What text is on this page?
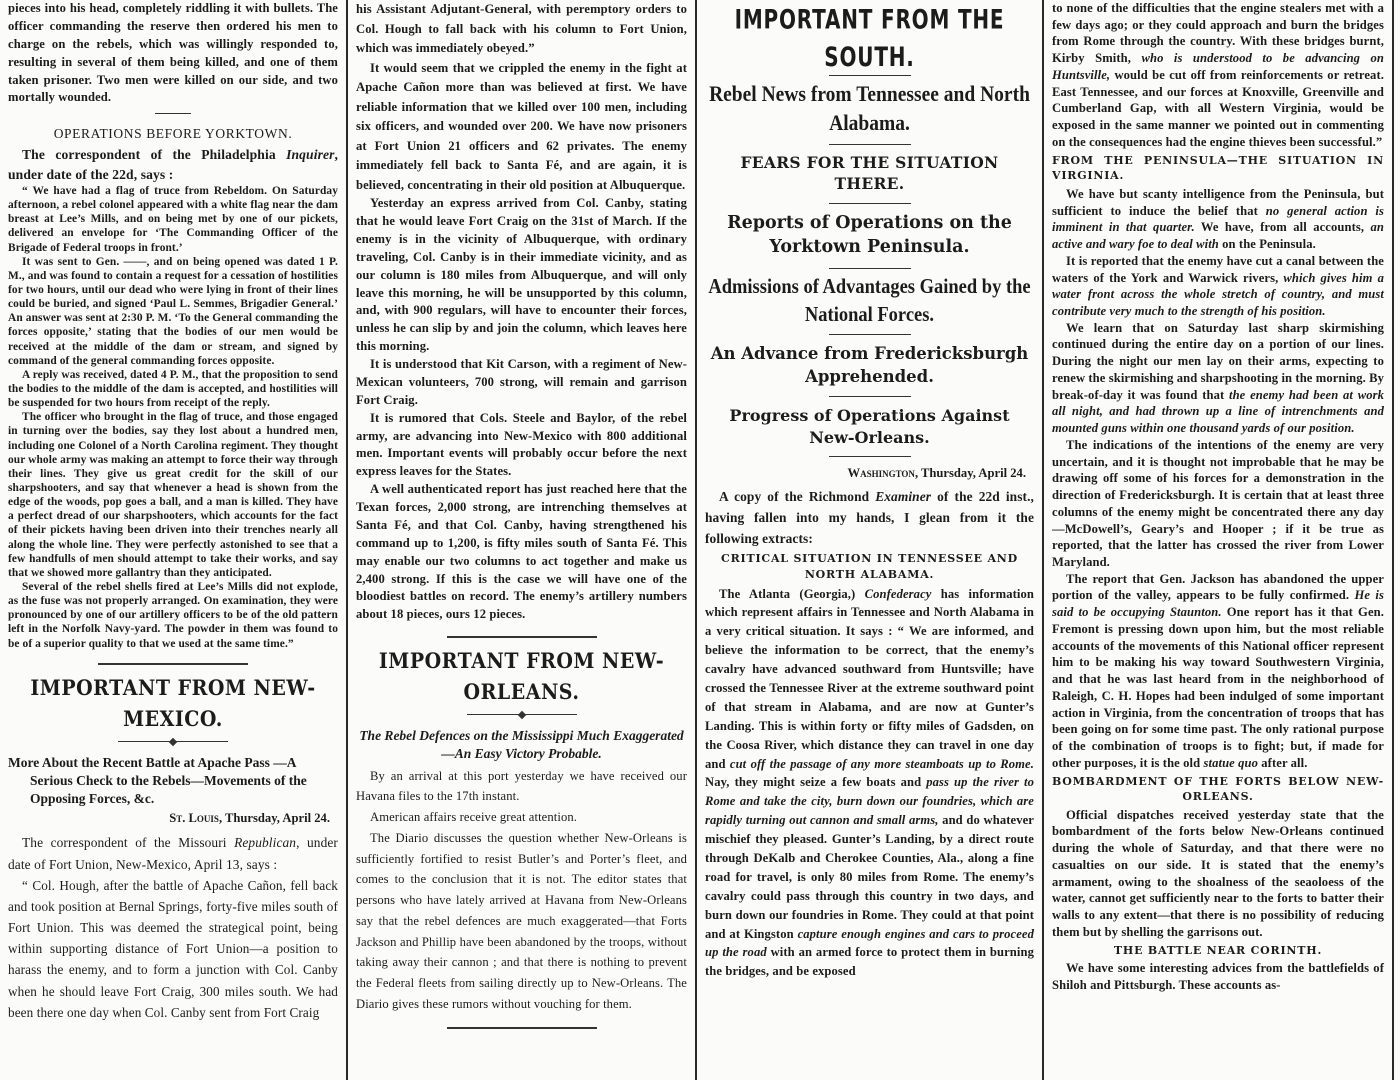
pieces into his head, completely riddling it with bullets. The officer commanding the reserve then ordered his men to charge on the rebels, which was willingly responded to, resulting in several of them being killed, and one of them taken prisoner. Two men were killed on our side, and two mortally wounded.

OPERATIONS BEFORE YORKTOWN.

The correspondent of the Philadelphia Inquirer, under date of the 22d, says :

“ We have had a flag of truce from Rebeldom. On Saturday afternoon, a rebel colonel appeared with a white flag near the dam breast at Lee’s Mills, and on being met by one of our pickets, delivered an envelope for ‘The Commanding Officer of the Brigade of Federal troops in front.’

It was sent to Gen. ——, and on being opened was dated 1 P. M., and was found to contain a request for a cessation of hostilities for two hours, until our dead who were lying in front of their lines could be buried, and signed ‘Paul L. Semmes, Brigadier General.’ An answer was sent at 2:30 P. M. ‘To the General commanding the forces opposite,’ stating that the bodies of our men would be received at the middle of the dam or stream, and signed by command of the general commanding forces opposite.

A reply was received, dated 4 P. M., that the proposition to send the bodies to the middle of the dam is accepted, and hostilities will be suspended for two hours from receipt of the reply.

The officer who brought in the flag of truce, and those engaged in turning over the bodies, say they lost about a hundred men, including one Colonel of a North Carolina regiment. They thought our whole army was making an attempt to force their way through their lines. They give us great credit for the skill of our sharpshooters, and say that whenever a head is shown from the edge of the woods, pop goes a ball, and a man is killed. They have a perfect dread of our sharpshooters, which accounts for the fact of their pickets having been driven into their trenches nearly all along the whole line. They were perfectly astonished to see that a few handfulls of men should attempt to take their works, and say that we showed more gallantry than they anticipated.

Several of the rebel shells fired at Lee’s Mills did not explode, as the fuse was not properly arranged. On examination, they were pronounced by one of our artillery officers to be of the old pattern left in the Norfolk Navy-yard. The powder in them was found to be of a superior quality to that we used at the same time.”

IMPORTANT FROM NEW-MEXICO.
More About the Recent Battle at Apache Pass —A Serious Check to the Rebels—Movements of the Opposing Forces, &c.
St. Louis, Thursday, April 24.

The correspondent of the Missouri Republican, under date of Fort Union, New-Mexico, April 13, says :

“ Col. Hough, after the battle of Apache Cañon, fell back and took position at Bernal Springs, forty-five miles south of Fort Union. This was deemed the strategical point, being within supporting distance of Fort Union—a position to harass the enemy, and to form a junction with Col. Canby when he should leave Fort Craig, 300 miles south. We had been there one day when Col. Canby sent from Fort Craig

his Assistant Adjutant-General, with peremptory orders to Col. Hough to fall back with his column to Fort Union, which was immediately obeyed.”

It would seem that we crippled the enemy in the fight at Apache Cañon more than was believed at first. We have reliable information that we killed over 100 men, including six officers, and wounded over 200. We have now prisoners at Fort Union 21 officers and 62 privates. The enemy immediately fell back to Santa Fé, and are again, it is believed, concentrating in their old position at Albuquerque.

Yesterday an express arrived from Col. Canby, stating that he would leave Fort Craig on the 31st of March. If the enemy is in the vicinity of Albuquerque, with ordinary traveling, Col. Canby is in their immediate vicinity, and as our column is 180 miles from Albuquerque, and will only leave this morning, he will be unsupported by this column, and, with 900 regulars, will have to encounter their forces, unless he can slip by and join the column, which leaves here this morning.

It is understood that Kit Carson, with a regiment of New-Mexican volunteers, 700 strong, will remain and garrison Fort Craig.

It is rumored that Cols. Steele and Baylor, of the rebel army, are advancing into New-Mexico with 800 additional men. Important events will probably occur before the next express leaves for the States.

A well authenticated report has just reached here that the Texan forces, 2,000 strong, are intrenching themselves at Santa Fé, and that Col. Canby, having strengthened his command up to 1,200, is fifty miles south of Santa Fé. This may enable our two columns to act together and make us 2,400 strong. If this is the case we will have one of the bloodiest battles on record. The enemy’s artillery numbers about 18 pieces, ours 12 pieces.

IMPORTANT FROM NEW-ORLEANS.
The Rebel Defences on the Mississippi Much Exaggerated—An Easy Victory Probable.

By an arrival at this port yesterday we have received our Havana files to the 17th instant.

American affairs receive great attention.

The Diario discusses the question whether New-Orleans is sufficiently fortified to resist Butler’s and Porter’s fleet, and comes to the conclusion that it is not. The editor states that persons who have lately arrived at Havana from New-Orleans say that the rebel defences are much exaggerated—that Forts Jackson and Phillip have been abandoned by the troops, without taking away their cannon ; and that there is nothing to prevent the Federal fleets from sailing directly up to New-Orleans. The Diario gives these rumors without vouching for them.

IMPORTANT FROM THE SOUTH.
Rebel News from Tennessee and North Alabama.
FEARS FOR THE SITUATION THERE.
Reports of Operations on the Yorktown Peninsula.
Admissions of Advantages Gained by the National Forces.
An Advance from Fredericksburgh Apprehended.
Progress of Operations Against New-Orleans.
Washington, Thursday, April 24.

A copy of the Richmond Examiner of the 22d inst., having fallen into my hands, I glean from it the following extracts:

CRITICAL SITUATION IN TENNESSEE AND NORTH ALABAMA.

The Atlanta (Georgia,) Confederacy has information which represent affairs in Tennessee and North Alabama in a very critical situation. It says : “ We are informed, and believe the information to be correct, that the enemy’s cavalry have advanced southward from Huntsville; have crossed the Tennessee River at the extreme southward point of that stream in Alabama, and are now at Gunter’s Landing. This is within forty or fifty miles of Gadsden, on the Coosa River, which distance they can travel in one day and cut off the passage of any more steamboats up to Rome. Nay, they might seize a few boats and pass up the river to Rome and take the city, burn down our foundries, which are rapidly turning out cannon and small arms, and do whatever mischief they pleased. Gunter’s Landing, by a direct route through DeKalb and Cherokee Counties, Ala., along a fine road for travel, is only 80 miles from Rome. The enemy’s cavalry could pass through this country in two days, and burn down our foundries in Rome. They could at that point and at Kingston capture enough engines and cars to proceed up the road with an armed force to protect them in burning the bridges, and be exposed

to none of the difficulties that the engine stealers met with a few days ago; or they could approach and burn the bridges from Rome through the country. With these bridges burnt, Kirby Smith, who is understood to be advancing on Huntsville, would be cut off from reinforcements or retreat. East Tennessee, and our forces at Knoxville, Greenville and Cumberland Gap, with all Western Virginia, would be exposed in the same manner we pointed out in commenting on the consequences had the engine thieves been successful.”

FROM THE PENINSULA—THE SITUATION IN VIRGINIA.

We have but scanty intelligence from the Peninsula, but sufficient to induce the belief that no general action is imminent in that quarter. We have, from all accounts, an active and wary foe to deal with on the Peninsula.

It is reported that the enemy have cut a canal between the waters of the York and Warwick rivers, which gives him a water front across the whole stretch of country, and must contribute very much to the strength of his position.

We learn that on Saturday last sharp skirmishing continued during the entire day on a portion of our lines. During the night our men lay on their arms, expecting to renew the skirmishing and sharpshooting in the morning. By break-of-day it was found that the enemy had been at work all night, and had thrown up a line of intrenchments and mounted guns within one thousand yards of our position.

The indications of the intentions of the enemy are very uncertain, and it is thought not improbable that he may be drawing off some of his forces for a demonstration in the direction of Fredericksburgh. It is certain that at least three columns of the enemy might be concentrated there any day—McDowell’s, Geary’s and Hooper ; if it be true as reported, that the latter has crossed the river from Lower Maryland.

The report that Gen. Jackson has abandoned the upper portion of the valley, appears to be fully confirmed. He is said to be occupying Staunton. One report has it that Gen. Fremont is pressing down upon him, but the most reliable accounts of the movements of this National officer represent him to be making his way toward Southwestern Virginia, and that he was last heard from in the neighborhood of Raleigh, C. H. Hopes had been indulged of some important action in Virginia, from the concentration of troops that has been going on for some time past. The only rational purpose of the combination of troops is to fight; but, if made for other purposes, it is the old statue quo after all.

BOMBARDMENT OF THE FORTS BELOW NEW-ORLEANS.

Official dispatches received yesterday state that the bombardment of the forts below New-Orleans continued during the whole of Saturday, and that there were no casualties on our side. It is stated that the enemy’s armament, owing to the shoalness of the seaoloess of the water, cannot get sufficiently near to the forts to batter their walls to any extent—that there is no possibility of reducing them but by shelling the garrisons out.

THE BATTLE NEAR CORINTH.

We have some interesting advices from the battlefields of Shiloh and Pittsburgh. These accounts as-
